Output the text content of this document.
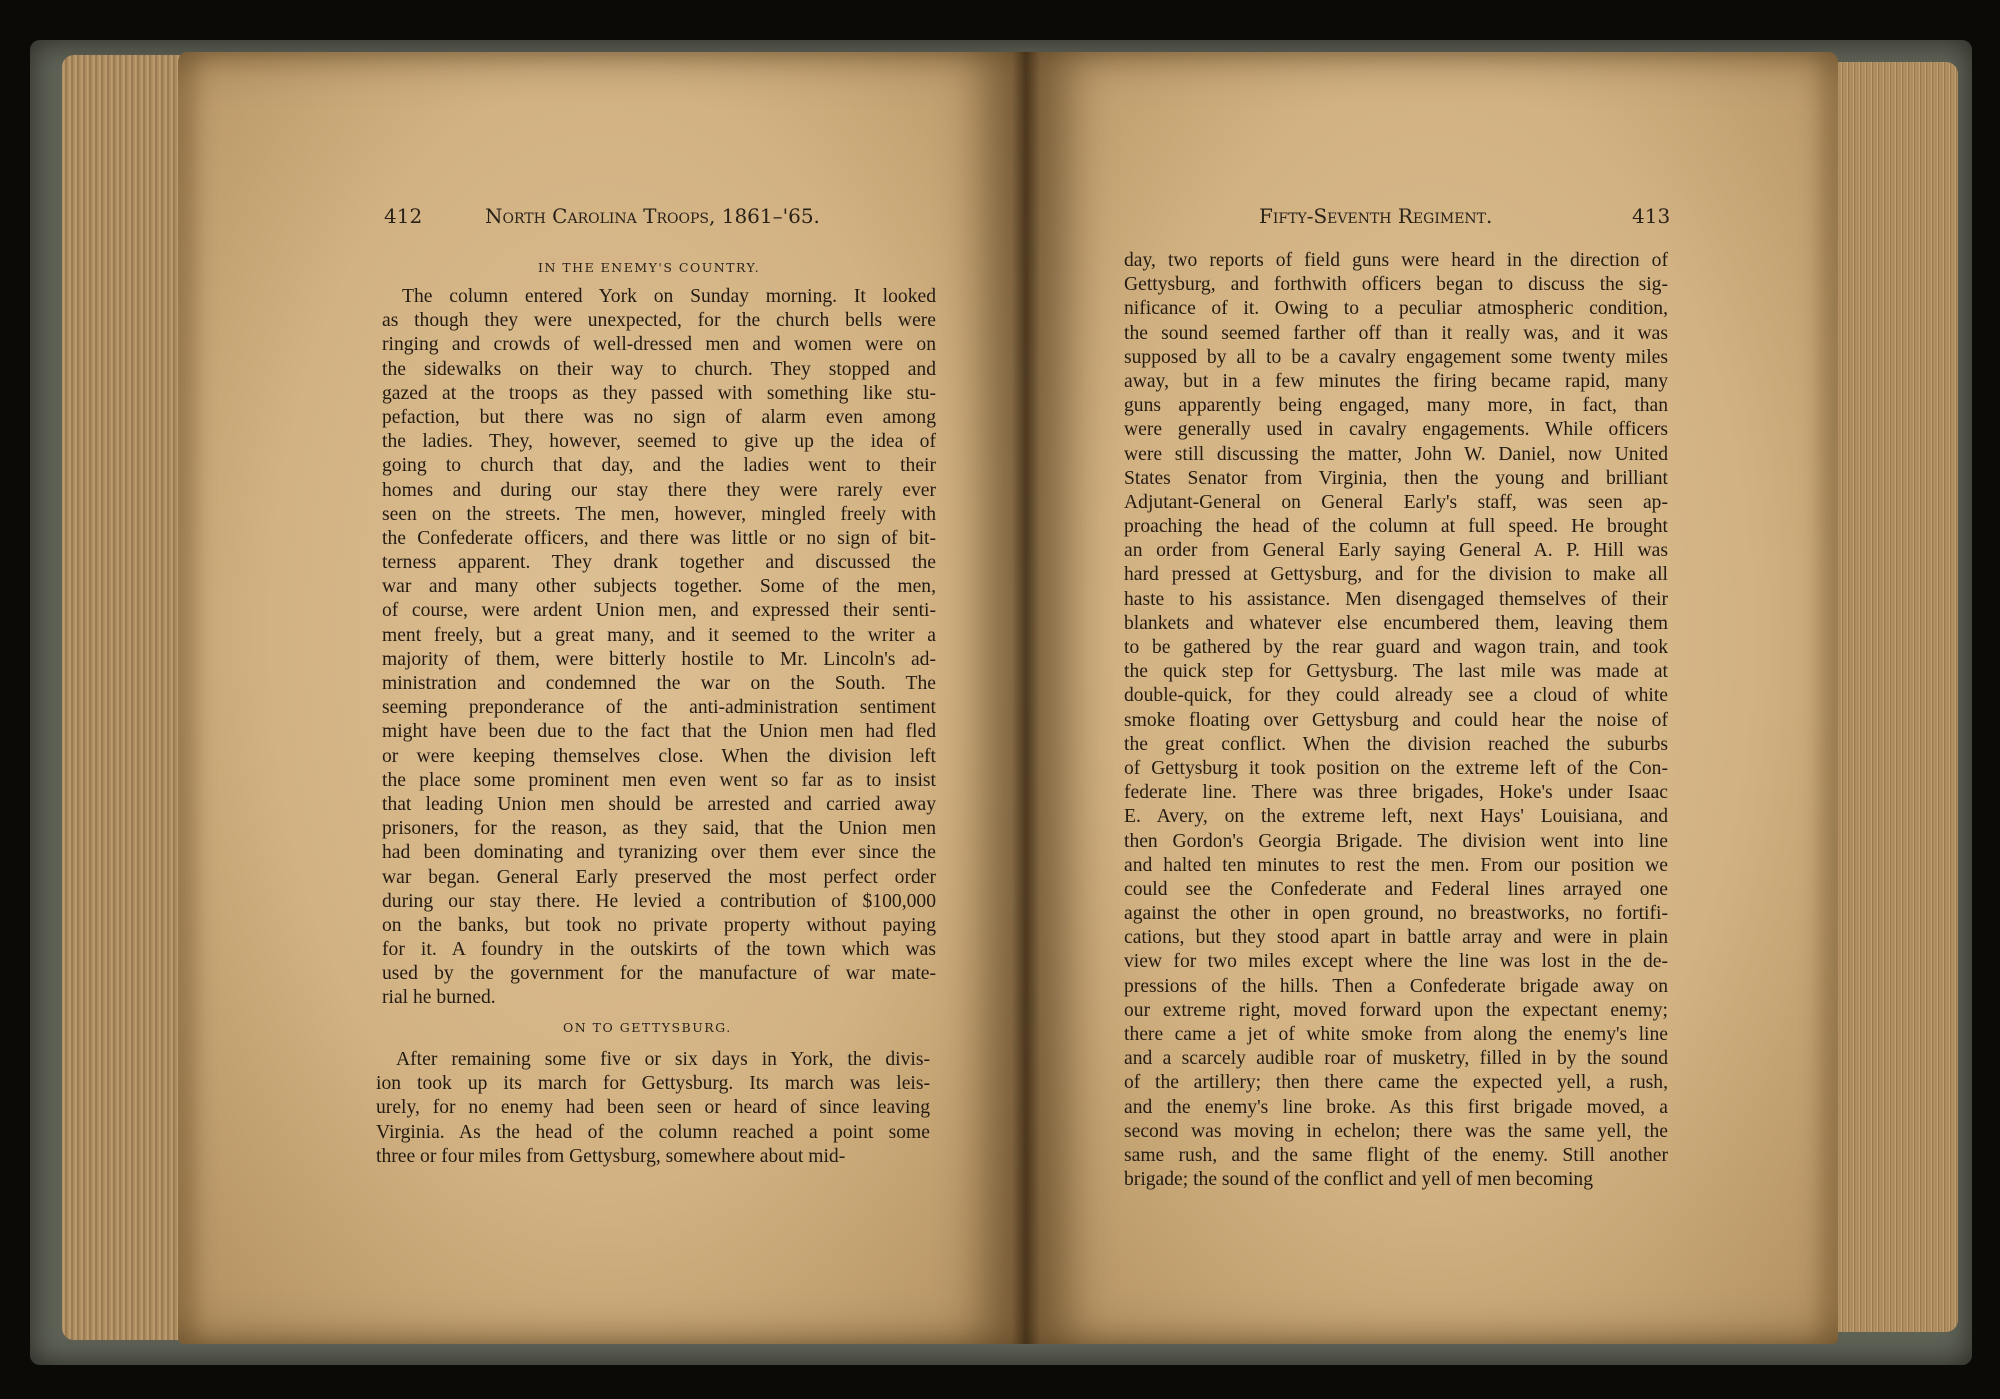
412	North Carolina Troops, 1861–'65.
IN THE ENEMY'S COUNTRY.
The column entered York on Sunday morning. It looked
as though they were unexpected, for the church bells were
ringing and crowds of well-dressed men and women were on
the sidewalks on their way to church. They stopped and
gazed at the troops as they passed with something like stu-
pefaction, but there was no sign of alarm even among
the ladies. They, however, seemed to give up the idea of
going to church that day, and the ladies went to their
homes and during our stay there they were rarely ever
seen on the streets. The men, however, mingled freely with
the Confederate officers, and there was little or no sign of bit-
terness apparent. They drank together and discussed the
war and many other subjects together. Some of the men,
of course, were ardent Union men, and expressed their senti-
ment freely, but a great many, and it seemed to the writer a
majority of them, were bitterly hostile to Mr. Lincoln's ad-
ministration and condemned the war on the South. The
seeming preponderance of the anti-administration sentiment
might have been due to the fact that the Union men had fled
or were keeping themselves close. When the division left
the place some prominent men even went so far as to insist
that leading Union men should be arrested and carried away
prisoners, for the reason, as they said, that the Union men
had been dominating and tyranizing over them ever since the
war began. General Early preserved the most perfect order
during our stay there. He levied a contribution of $100,000
on the banks, but took no private property without paying
for it. A foundry in the outskirts of the town which was
used by the government for the manufacture of war mate-
rial he burned.
ON TO GETTYSBURG.
After remaining some five or six days in York, the divis-
ion took up its march for Gettysburg. Its march was leis-
urely, for no enemy had been seen or heard of since leaving
Virginia. As the head of the column reached a point some
three or four miles from Gettysburg, somewhere about mid-
Fifty-Seventh Regiment.	413
day, two reports of field guns were heard in the direction of
Gettysburg, and forthwith officers began to discuss the sig-
nificance of it. Owing to a peculiar atmospheric condition,
the sound seemed farther off than it really was, and it was
supposed by all to be a cavalry engagement some twenty miles
away, but in a few minutes the firing became rapid, many
guns apparently being engaged, many more, in fact, than
were generally used in cavalry engagements. While officers
were still discussing the matter, John W. Daniel, now United
States Senator from Virginia, then the young and brilliant
Adjutant-General on General Early's staff, was seen ap-
proaching the head of the column at full speed. He brought
an order from General Early saying General A. P. Hill was
hard pressed at Gettysburg, and for the division to make all
haste to his assistance. Men disengaged themselves of their
blankets and whatever else encumbered them, leaving them
to be gathered by the rear guard and wagon train, and took
the quick step for Gettysburg. The last mile was made at
double-quick, for they could already see a cloud of white
smoke floating over Gettysburg and could hear the noise of
the great conflict. When the division reached the suburbs
of Gettysburg it took position on the extreme left of the Con-
federate line. There was three brigades, Hoke's under Isaac
E. Avery, on the extreme left, next Hays' Louisiana, and
then Gordon's Georgia Brigade. The division went into line
and halted ten minutes to rest the men. From our position we
could see the Confederate and Federal lines arrayed one
against the other in open ground, no breastworks, no fortifi-
cations, but they stood apart in battle array and were in plain
view for two miles except where the line was lost in the de-
pressions of the hills. Then a Confederate brigade away on
our extreme right, moved forward upon the expectant enemy;
there came a jet of white smoke from along the enemy's line
and a scarcely audible roar of musketry, filled in by the sound
of the artillery; then there came the expected yell, a rush,
and the enemy's line broke. As this first brigade moved, a
second was moving in echelon; there was the same yell, the
same rush, and the same flight of the enemy. Still another
brigade; the sound of the conflict and yell of men becoming
